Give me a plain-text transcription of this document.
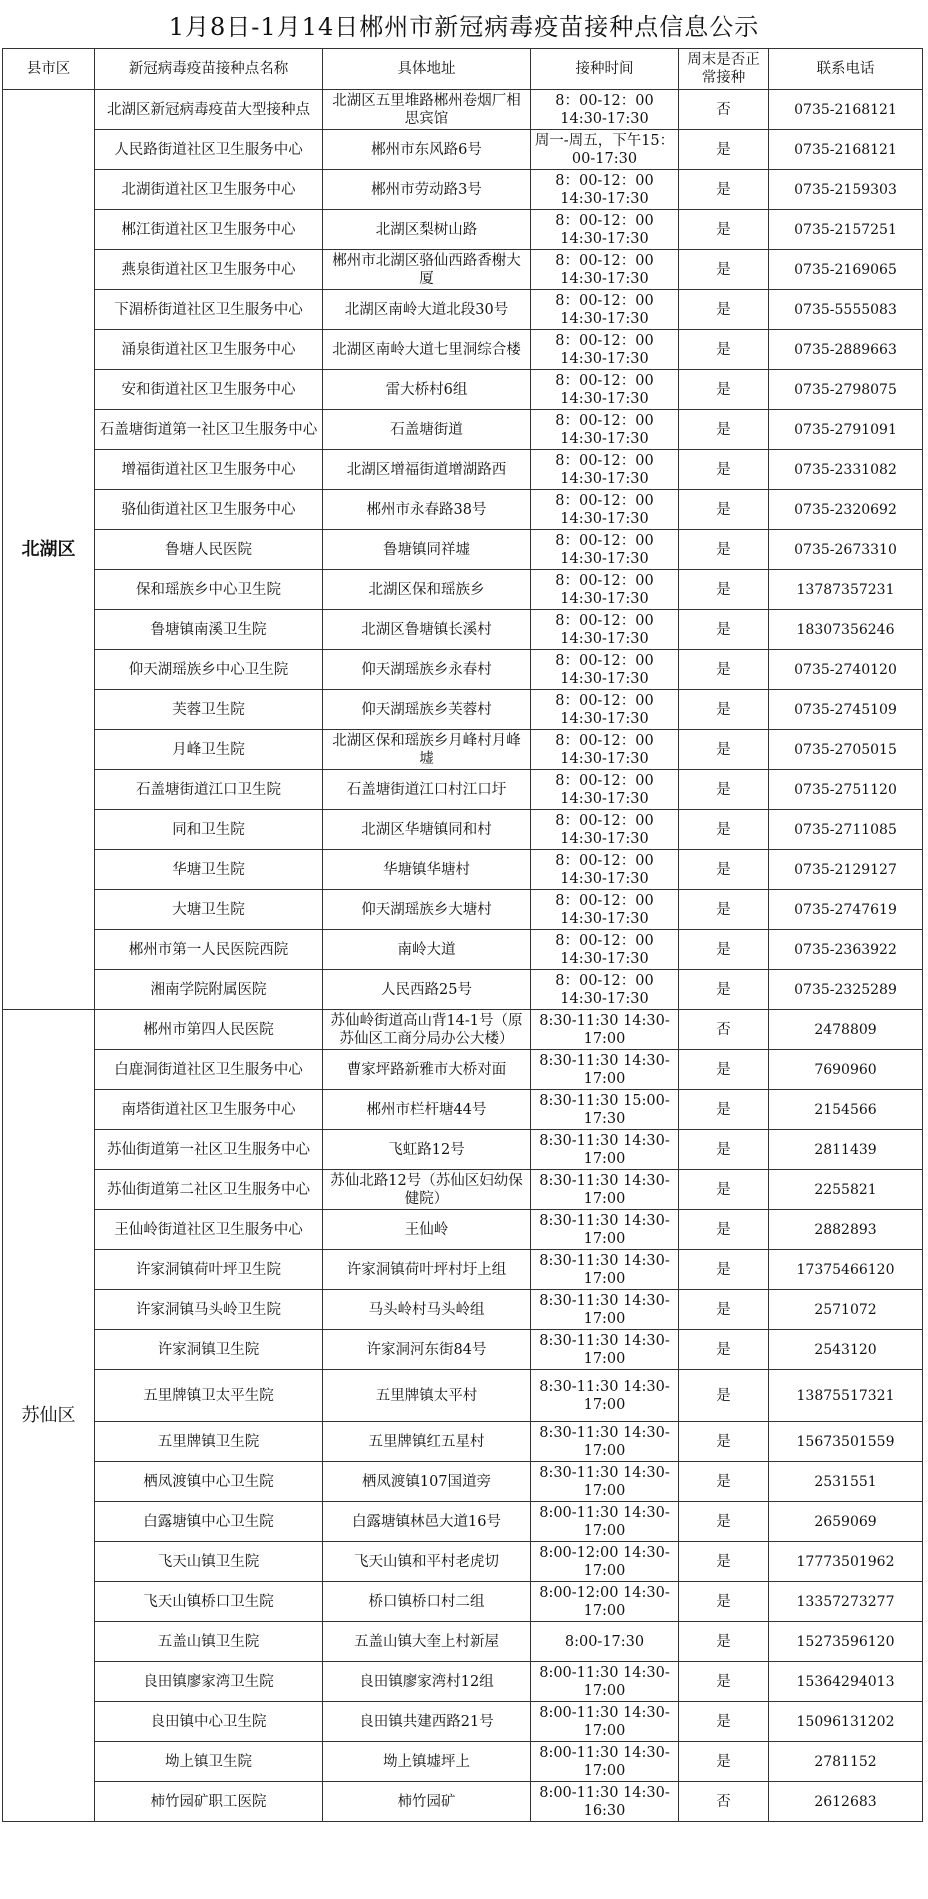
1月8日-1月14日郴州市新冠病毒疫苗接种点信息公示
县市区	新冠病毒疫苗接种点名称	具体地址	接种时间	周末是否正常接种	联系电话
北湖区	北湖区新冠病毒疫苗大型接种点	北湖区五里堆路郴州卷烟厂相思宾馆	8：00-12：00 14:30-17:30	否	0735-2168121
	人民路街道社区卫生服务中心	郴州市东风路6号	周一-周五，下午15：00-17:30	是	0735-2168121
	北湖街道社区卫生服务中心	郴州市劳动路3号	8：00-12：00 14:30-17:30	是	0735-2159303
	郴江街道社区卫生服务中心	北湖区梨树山路	8：00-12：00 14:30-17:30	是	0735-2157251
	燕泉街道社区卫生服务中心	郴州市北湖区骆仙西路香榭大厦	8：00-12：00 14:30-17:30	是	0735-2169065
	下湄桥街道社区卫生服务中心	北湖区南岭大道北段30号	8：00-12：00 14:30-17:30	是	0735-5555083
	涌泉街道社区卫生服务中心	北湖区南岭大道七里洞综合楼	8：00-12：00 14:30-17:30	是	0735-2889663
	安和街道社区卫生服务中心	雷大桥村6组	8：00-12：00 14:30-17:30	是	0735-2798075
	石盖塘街道第一社区卫生服务中心	石盖塘街道	8：00-12：00 14:30-17:30	是	0735-2791091
	增福街道社区卫生服务中心	北湖区增福街道增湖路西	8：00-12：00 14:30-17:30	是	0735-2331082
	骆仙街道社区卫生服务中心	郴州市永春路38号	8：00-12：00 14:30-17:30	是	0735-2320692
	鲁塘人民医院	鲁塘镇同祥墟	8：00-12：00 14:30-17:30	是	0735-2673310
	保和瑶族乡中心卫生院	北湖区保和瑶族乡	8：00-12：00 14:30-17:30	是	13787357231
	鲁塘镇南溪卫生院	北湖区鲁塘镇长溪村	8：00-12：00 14:30-17:30	是	18307356246
	仰天湖瑶族乡中心卫生院	仰天湖瑶族乡永春村	8：00-12：00 14:30-17:30	是	0735-2740120
	芙蓉卫生院	仰天湖瑶族乡芙蓉村	8：00-12：00 14:30-17:30	是	0735-2745109
	月峰卫生院	北湖区保和瑶族乡月峰村月峰墟	8：00-12：00 14:30-17:30	是	0735-2705015
	石盖塘街道江口卫生院	石盖塘街道江口村江口圩	8：00-12：00 14:30-17:30	是	0735-2751120
	同和卫生院	北湖区华塘镇同和村	8：00-12：00 14:30-17:30	是	0735-2711085
	华塘卫生院	华塘镇华塘村	8：00-12：00 14:30-17:30	是	0735-2129127
	大塘卫生院	仰天湖瑶族乡大塘村	8：00-12：00 14:30-17:30	是	0735-2747619
	郴州市第一人民医院西院	南岭大道	8：00-12：00 14:30-17:30	是	0735-2363922
	湘南学院附属医院	人民西路25号	8：00-12：00 14:30-17:30	是	0735-2325289
苏仙区	郴州市第四人民医院	苏仙岭街道高山背14-1号（原苏仙区工商分局办公大楼）	8:30-11:30 14:30-17:00	否	2478809
	白鹿洞街道社区卫生服务中心	曹家坪路新雅市大桥对面	8:30-11:30 14:30-17:00	是	7690960
	南塔街道社区卫生服务中心	郴州市栏杆塘44号	8:30-11:30 15:00-17:30	是	2154566
	苏仙街道第一社区卫生服务中心	飞虹路12号	8:30-11:30 14:30-17:00	是	2811439
	苏仙街道第二社区卫生服务中心	苏仙北路12号（苏仙区妇幼保健院）	8:30-11:30 14:30-17:00	是	2255821
	王仙岭街道社区卫生服务中心	王仙岭	8:30-11:30 14:30-17:00	是	2882893
	许家洞镇荷叶坪卫生院	许家洞镇荷叶坪村圩上组	8:30-11:30 14:30-17:00	是	17375466120
	许家洞镇马头岭卫生院	马头岭村马头岭组	8:30-11:30 14:30-17:00	是	2571072
	许家洞镇卫生院	许家洞河东街84号	8:30-11:30 14:30-17:00	是	2543120
	五里牌镇卫太平生院	五里牌镇太平村	8:30-11:30 14:30-17:00	是	13875517321
	五里牌镇卫生院	五里牌镇红五星村	8:30-11:30 14:30-17:00	是	15673501559
	栖凤渡镇中心卫生院	栖凤渡镇107国道旁	8:30-11:30 14:30-17:00	是	2531551
	白露塘镇中心卫生院	白露塘镇林邑大道16号	8:00-11:30 14:30-17:00	是	2659069
	飞天山镇卫生院	飞天山镇和平村老虎切	8:00-12:00 14:30-17:00	是	17773501962
	飞天山镇桥口卫生院	桥口镇桥口村二组	8:00-12:00 14:30-17:00	是	13357273277
	五盖山镇卫生院	五盖山镇大奎上村新屋	8:00-17:30	是	15273596120
	良田镇廖家湾卫生院	良田镇廖家湾村12组	8:00-11:30 14:30-17:00	是	15364294013
	良田镇中心卫生院	良田镇共建西路21号	8:00-11:30 14:30-17:00	是	15096131202
	坳上镇卫生院	坳上镇墟坪上	8:00-11:30 14:30-17:00	是	2781152
	柿竹园矿职工医院	柿竹园矿	8:00-11:30 14:30-16:30	否	2612683
